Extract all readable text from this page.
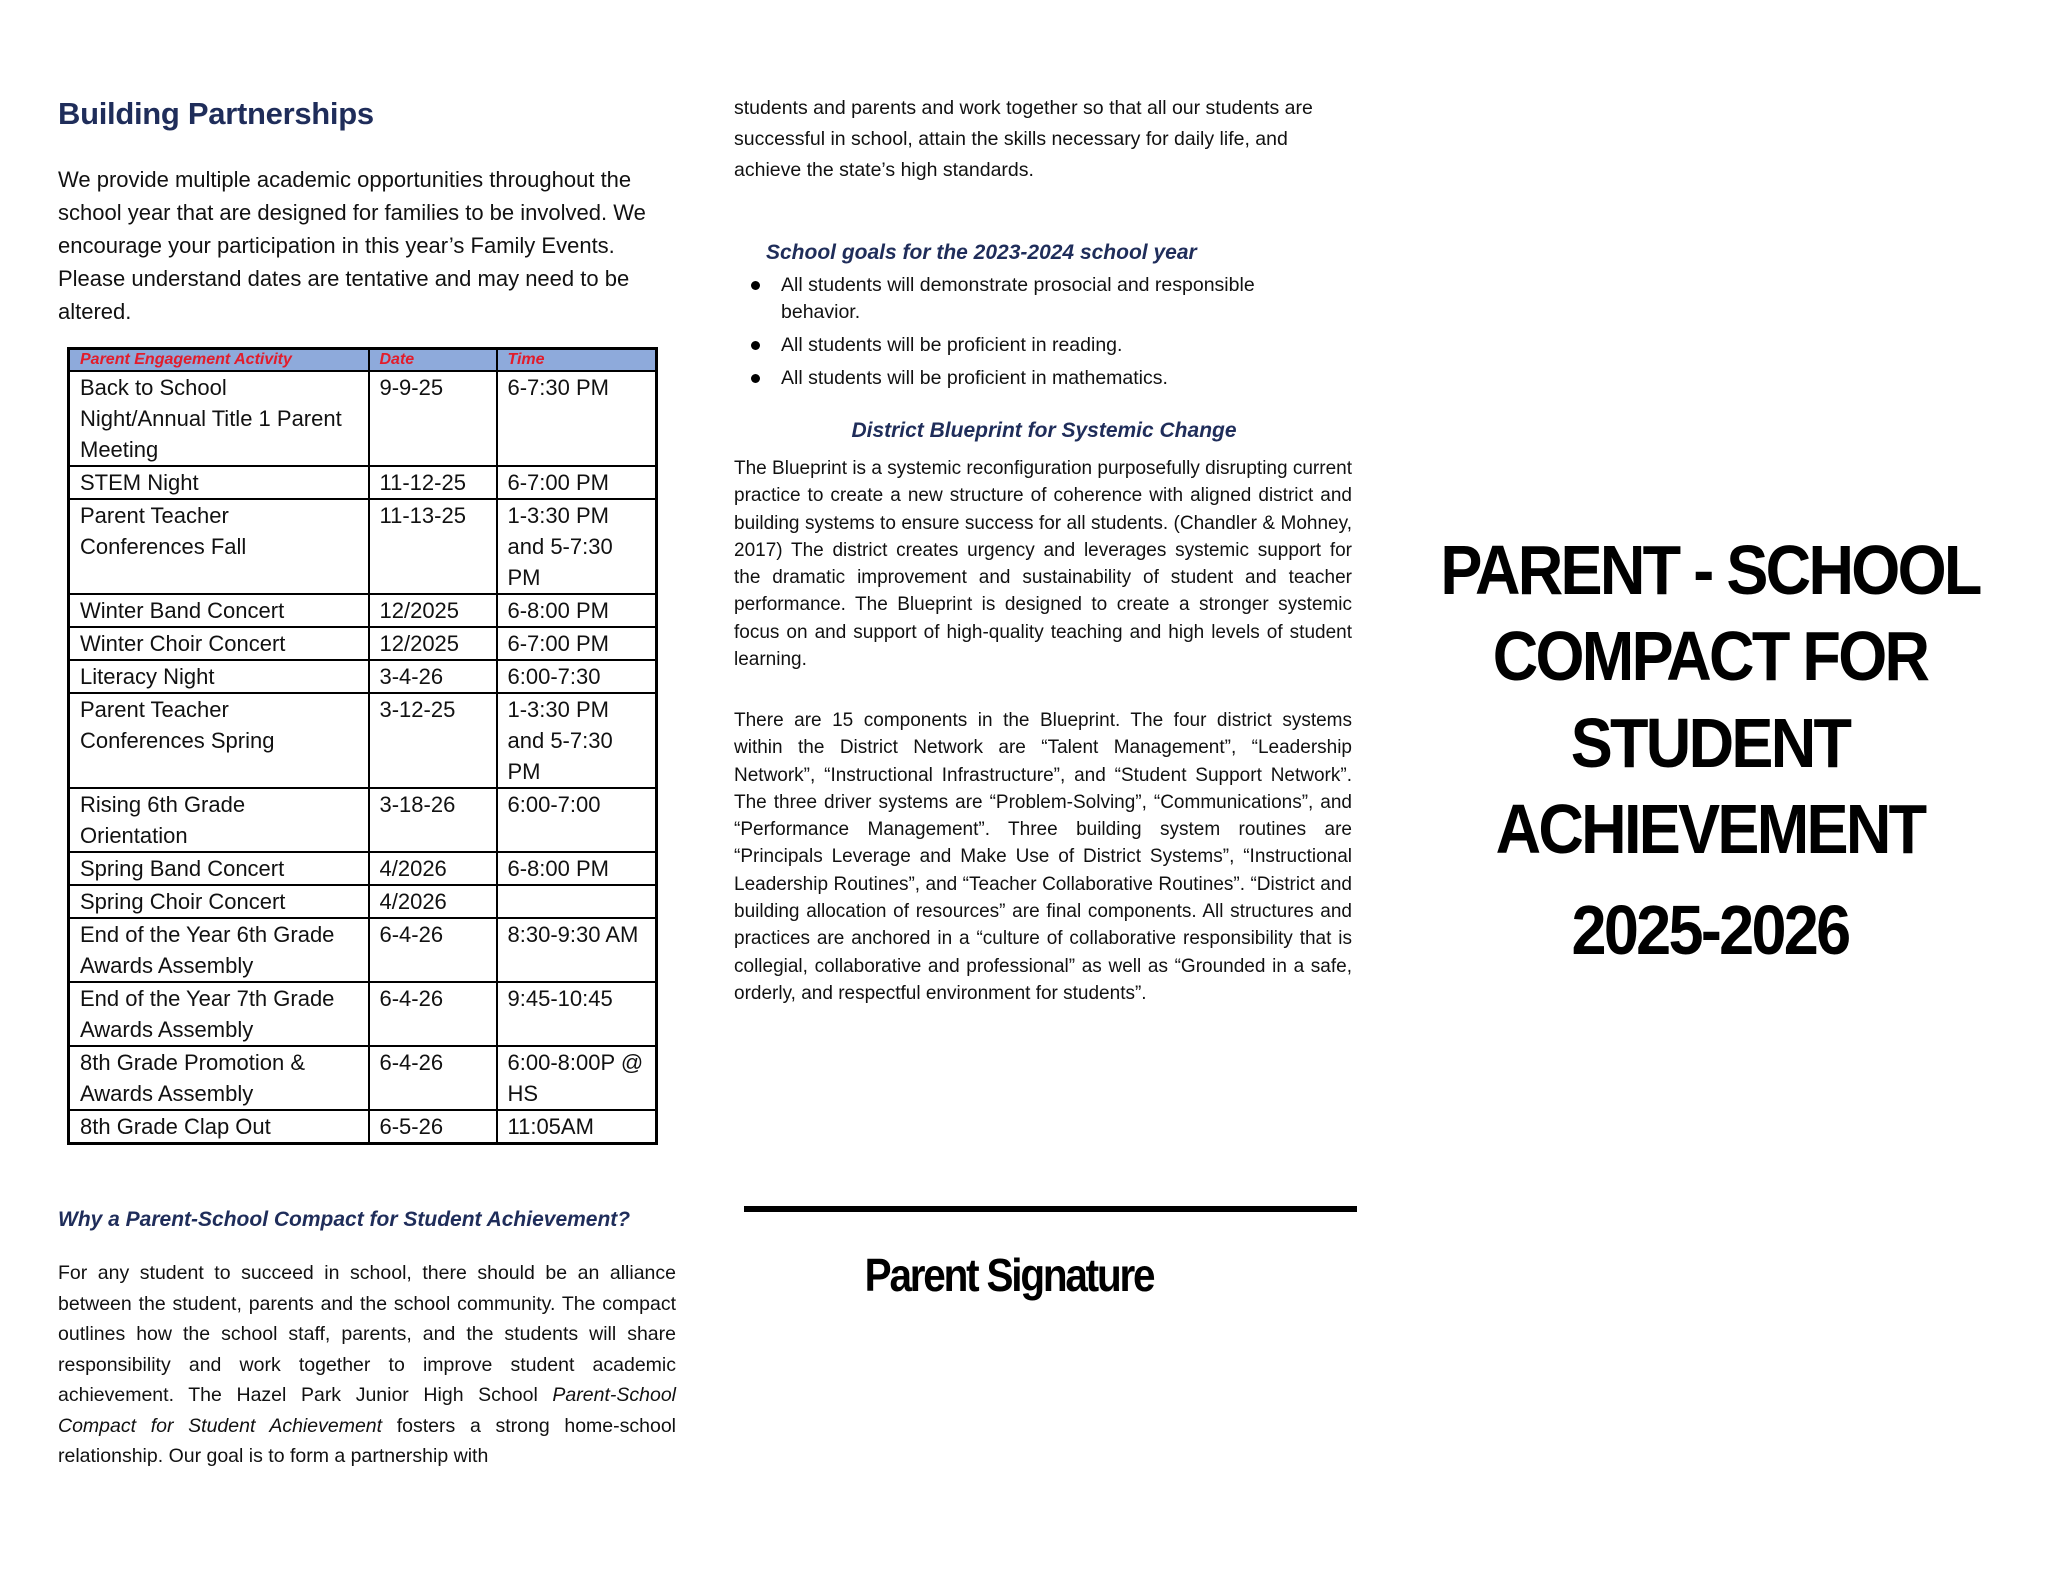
Building Partnerships
We provide multiple academic opportunities throughout the school year that are designed for families to be involved. We encourage your participation in this year’s Family Events. Please understand dates are tentative and may need to be altered.
Parent Engagement Activity	Date	Time
Back to School Night/Annual Title 1 Parent Meeting	9-9-25	6-7:30 PM
STEM Night	11-12-25	6-7:00 PM
Parent Teacher Conferences Fall	11-13-25	1-3:30 PM and 5-7:30 PM
Winter Band Concert	12/2025	6-8:00 PM
Winter Choir Concert	12/2025	6-7:00 PM
Literacy Night	3-4-26	6:00-7:30
Parent Teacher Conferences Spring	3-12-25	1-3:30 PM and 5-7:30 PM
Rising 6th Grade Orientation	3-18-26	6:00-7:00
Spring Band Concert	4/2026	6-8:00 PM
Spring Choir Concert	4/2026	
End of the Year 6th Grade Awards Assembly	6-4-26	8:30-9:30 AM
End of the Year 7th Grade Awards Assembly	6-4-26	9:45-10:45
8th Grade Promotion & Awards Assembly	6-4-26	6:00-8:00P @ HS
8th Grade Clap Out	6-5-26	11:05AM
Why a Parent-School Compact for Student Achievement?
For any student to succeed in school, there should be an alliance between the student, parents and the school community. The compact outlines how the school staff, parents, and the students will share responsibility and work together to improve student academic achievement. The Hazel Park Junior High School Parent-School Compact for Student Achievement fosters a strong home-school relationship. Our goal is to form a partnership with
students and parents and work together so that all our students are successful in school, attain the skills necessary for daily life, and achieve the state’s high standards.
School goals for the 2023-2024 school year
All students will demonstrate prosocial and responsible behavior.
All students will be proficient in reading.
All students will be proficient in mathematics.
District Blueprint for Systemic Change
The Blueprint is a systemic reconfiguration purposefully disrupting current practice to create a new structure of coherence with aligned district and building systems to ensure success for all students. (Chandler & Mohney, 2017) The district creates urgency and leverages systemic support for the dramatic improvement and sustainability of student and teacher performance. The Blueprint is designed to create a stronger systemic focus on and support of high-quality teaching and high levels of student learning.
There are 15 components in the Blueprint. The four district systems within the District Network are “Talent Management”, “Leadership Network”, “Instructional Infrastructure”, and “Student Support Network”. The three driver systems are “Problem-Solving”, “Communications”, and “Performance Management”. Three building system routines are “Principals Leverage and Make Use of District Systems”, “Instructional Leadership Routines”, and “Teacher Collaborative Routines”. “District and building allocation of resources” are final components. All structures and practices are anchored in a “culture of collaborative responsibility that is collegial, collaborative and professional” as well as “Grounded in a safe, orderly, and respectful environment for students”.
Parent Signature
PARENT - SCHOOL
COMPACT FOR
STUDENT
ACHIEVEMENT
2025-2026
